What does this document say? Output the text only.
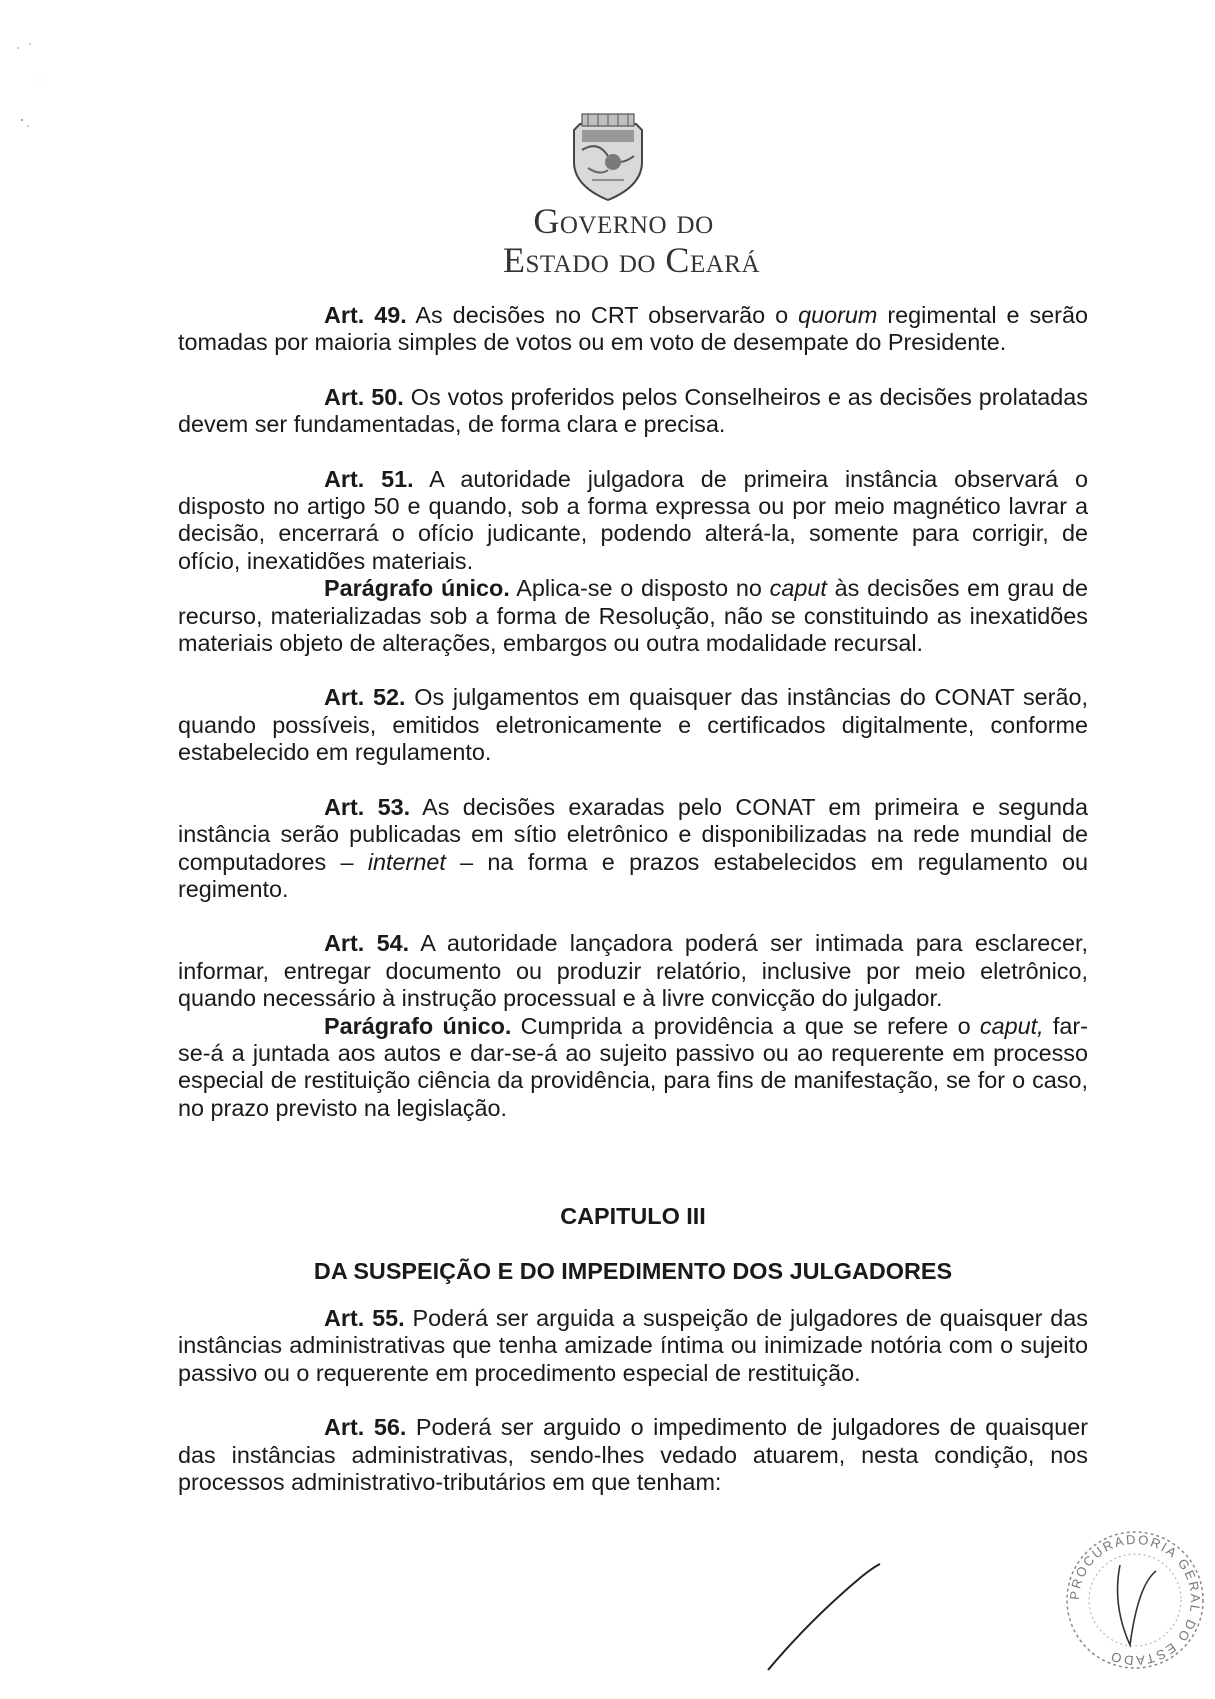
Governo do
Estado do Ceará

Art. 49. As decisões no CRT observarão o quorum regimental e serão tomadas por maioria simples de votos ou em voto de desempate do Presidente.

Art. 50. Os votos proferidos pelos Conselheiros e as decisões prolatadas devem ser fundamentadas, de forma clara e precisa.

Art. 51. A autoridade julgadora de primeira instância observará o disposto no artigo 50 e quando, sob a forma expressa ou por meio magnético lavrar a decisão, encerrará o ofício judicante, podendo alterá-la, somente para corrigir, de ofício, inexatidões materiais.

Parágrafo único. Aplica-se o disposto no caput às decisões em grau de recurso, materializadas sob a forma de Resolução, não se constituindo as inexatidões materiais objeto de alterações, embargos ou outra modalidade recursal.

Art. 52. Os julgamentos em quaisquer das instâncias do CONAT serão, quando possíveis, emitidos eletronicamente e certificados digitalmente, conforme estabelecido em regulamento.

Art. 53. As decisões exaradas pelo CONAT em primeira e segunda instância serão publicadas em sítio eletrônico e disponibilizadas na rede mundial de computadores – internet – na forma e prazos estabelecidos em regulamento ou regimento.

Art. 54. A autoridade lançadora poderá ser intimada para esclarecer, informar, entregar documento ou produzir relatório, inclusive por meio eletrônico, quando necessário à instrução processual e à livre convicção do julgador.

Parágrafo único. Cumprida a providência a que se refere o caput, far-se-á a juntada aos autos e dar-se-á ao sujeito passivo ou ao requerente em processo especial de restituição ciência da providência, para fins de manifestação, se for o caso, no prazo previsto na legislação.

CAPITULO III

DA SUSPEIÇÃO E DO IMPEDIMENTO DOS JULGADORES

Art. 55. Poderá ser arguida a suspeição de julgadores de quaisquer das instâncias administrativas que tenha amizade íntima ou inimizade notória com o sujeito passivo ou o requerente em procedimento especial de restituição.

Art. 56. Poderá ser arguido o impedimento de julgadores de quaisquer das instâncias administrativas, sendo-lhes vedado atuarem, nesta condição, nos processos administrativo-tributários em que tenham:

PROCURADORIA GERAL DO ESTADO
